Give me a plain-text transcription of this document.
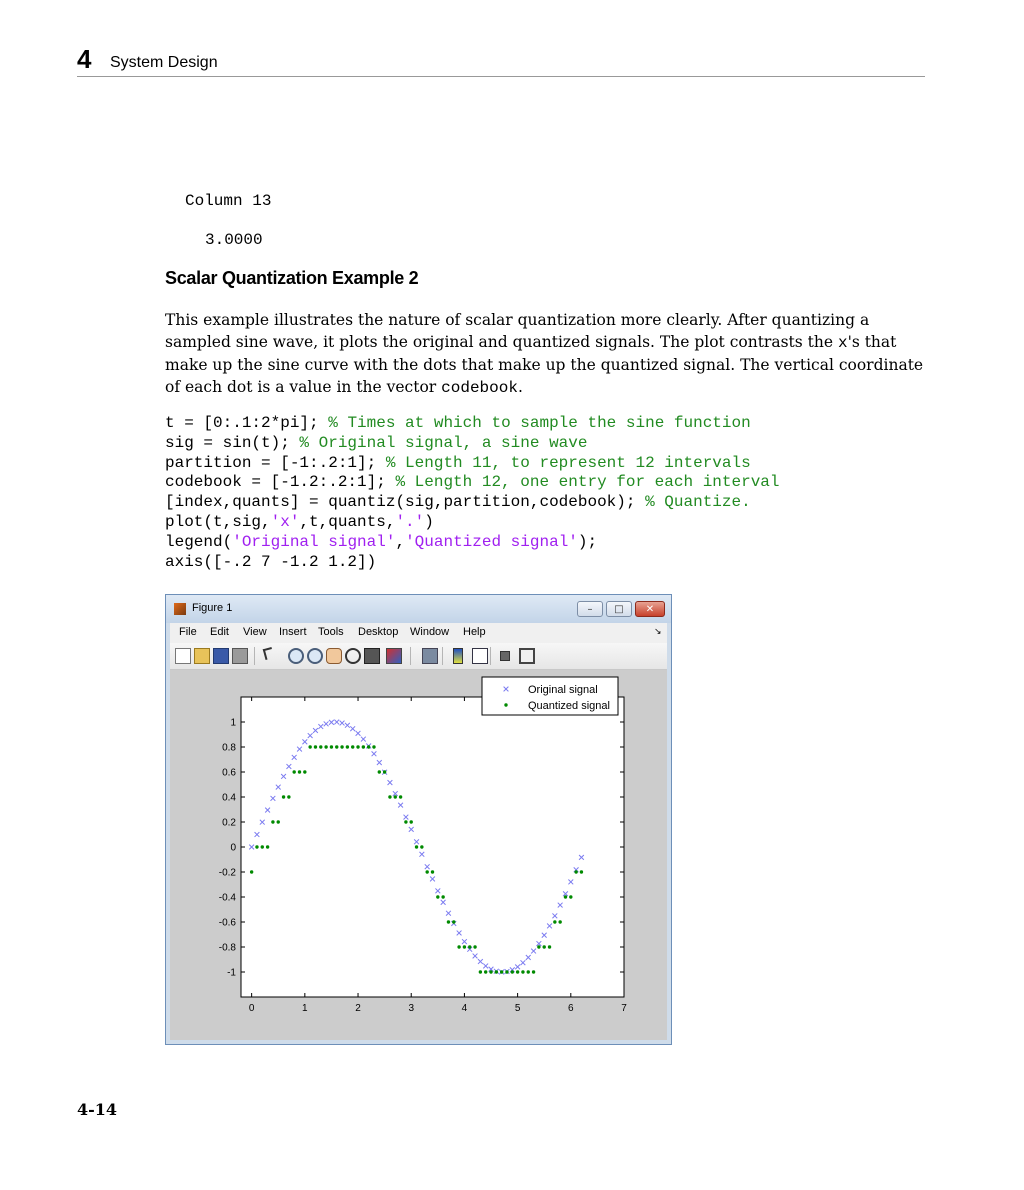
4 System Design
Column 13
3.0000
Scalar Quantization Example 2
This example illustrates the nature of scalar quantization more clearly. After quantizing a sampled sine wave, it plots the original and quantized signals. The plot contrasts the x's that make up the sine curve with the dots that make up the quantized signal. The vertical coordinate of each dot is a value in the vector codebook.
t = [0:.1:2*pi]; % Times at which to sample the sine function
sig = sin(t); % Original signal, a sine wave
partition = [-1:.2:1]; % Length 11, to represent 12 intervals
codebook = [-1.2:.2:1]; % Length 12, one entry for each interval
[index,quants] = quantiz(sig,partition,codebook); % Quantize.
plot(t,sig,'x',t,quants,'.')
legend('Original signal','Quantized signal');
axis([-.2 7 -1.2 1.2])
Figure 1	–	□	✕
File Edit View Insert Tools Desktop Window Help	↘
0	1	2	3	4	5	6	7
-1
-0.8
-0.6
-0.4
-0.2
0
0.2
0.4
0.6
0.8
1
Original signal
Quantized signal
4-14
